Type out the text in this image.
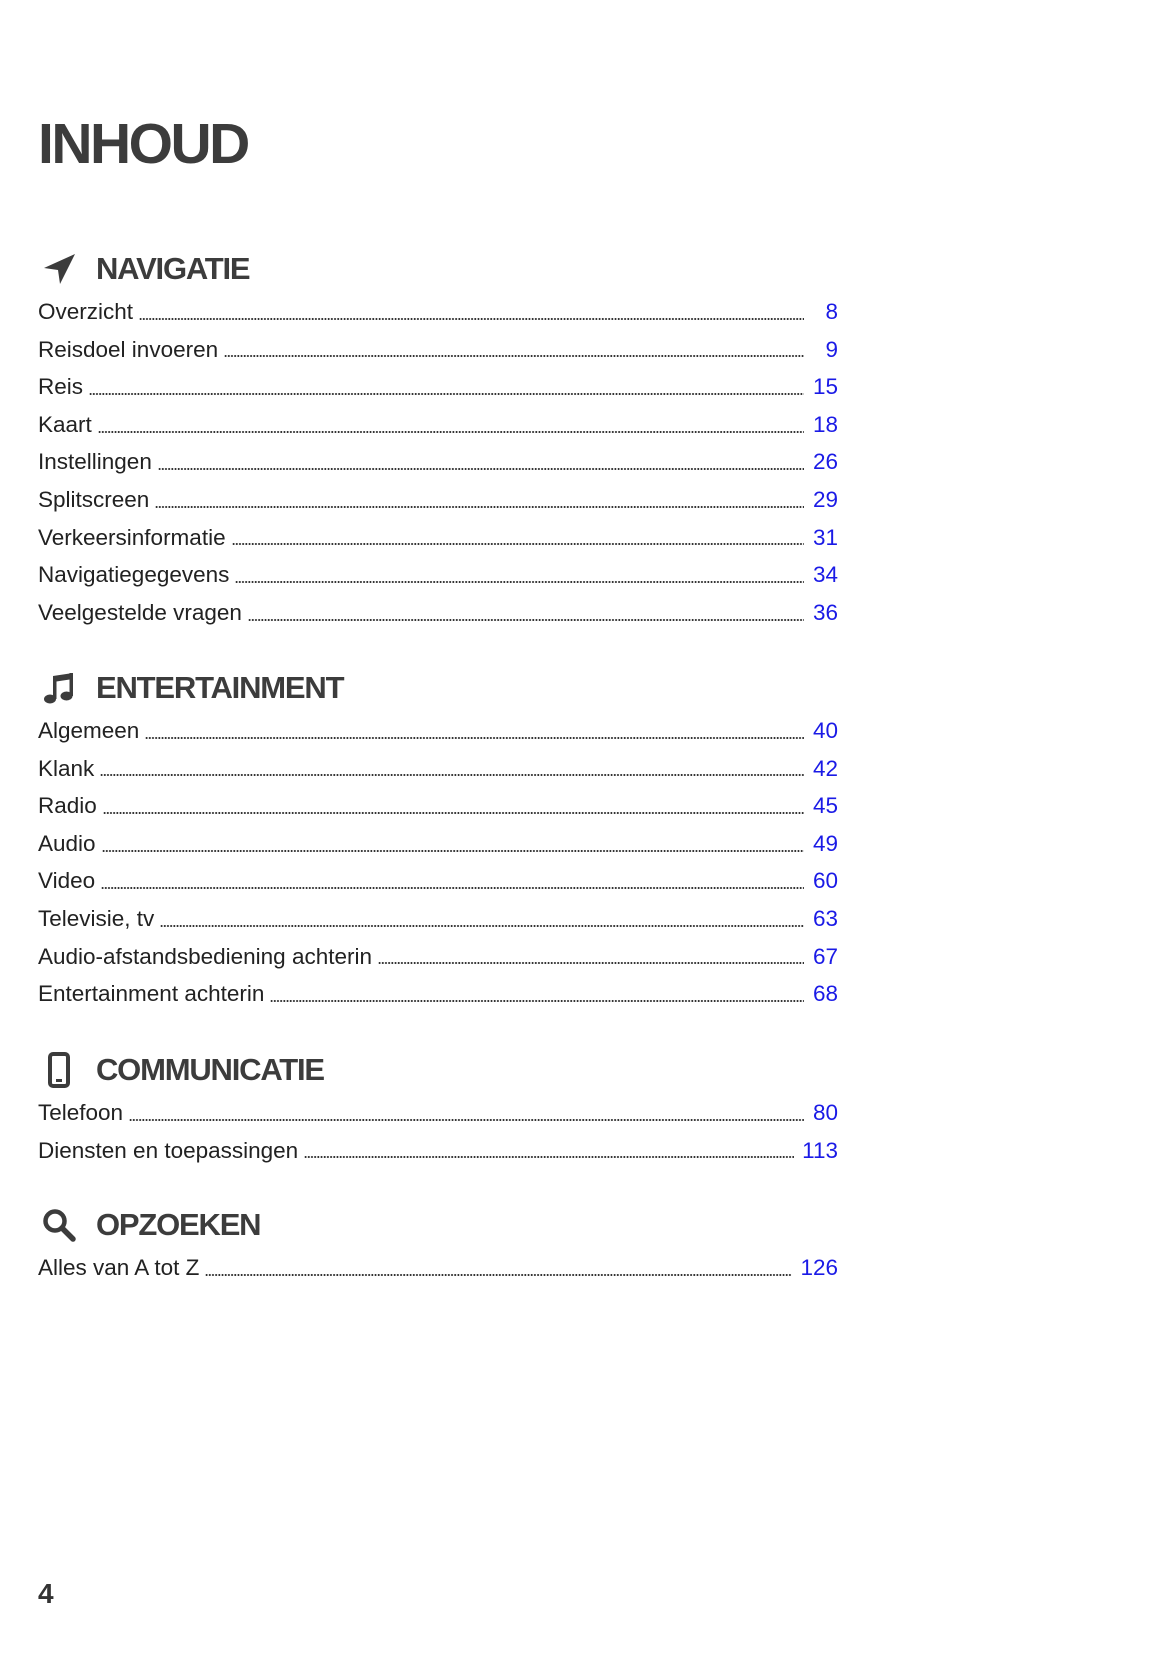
INHOUD
NAVIGATIE
Overzicht	8
Reisdoel invoeren	9
Reis	15
Kaart	18
Instellingen	26
Splitscreen	29
Verkeersinformatie	31
Navigatiegegevens	34
Veelgestelde vragen	36
ENTERTAINMENT
Algemeen	40
Klank	42
Radio	45
Audio	49
Video	60
Televisie, tv	63
Audio-afstandsbediening achterin	67
Entertainment achterin	68
COMMUNICATIE
Telefoon	80
Diensten en toepassingen	113
OPZOEKEN
Alles van A tot Z	126
4
